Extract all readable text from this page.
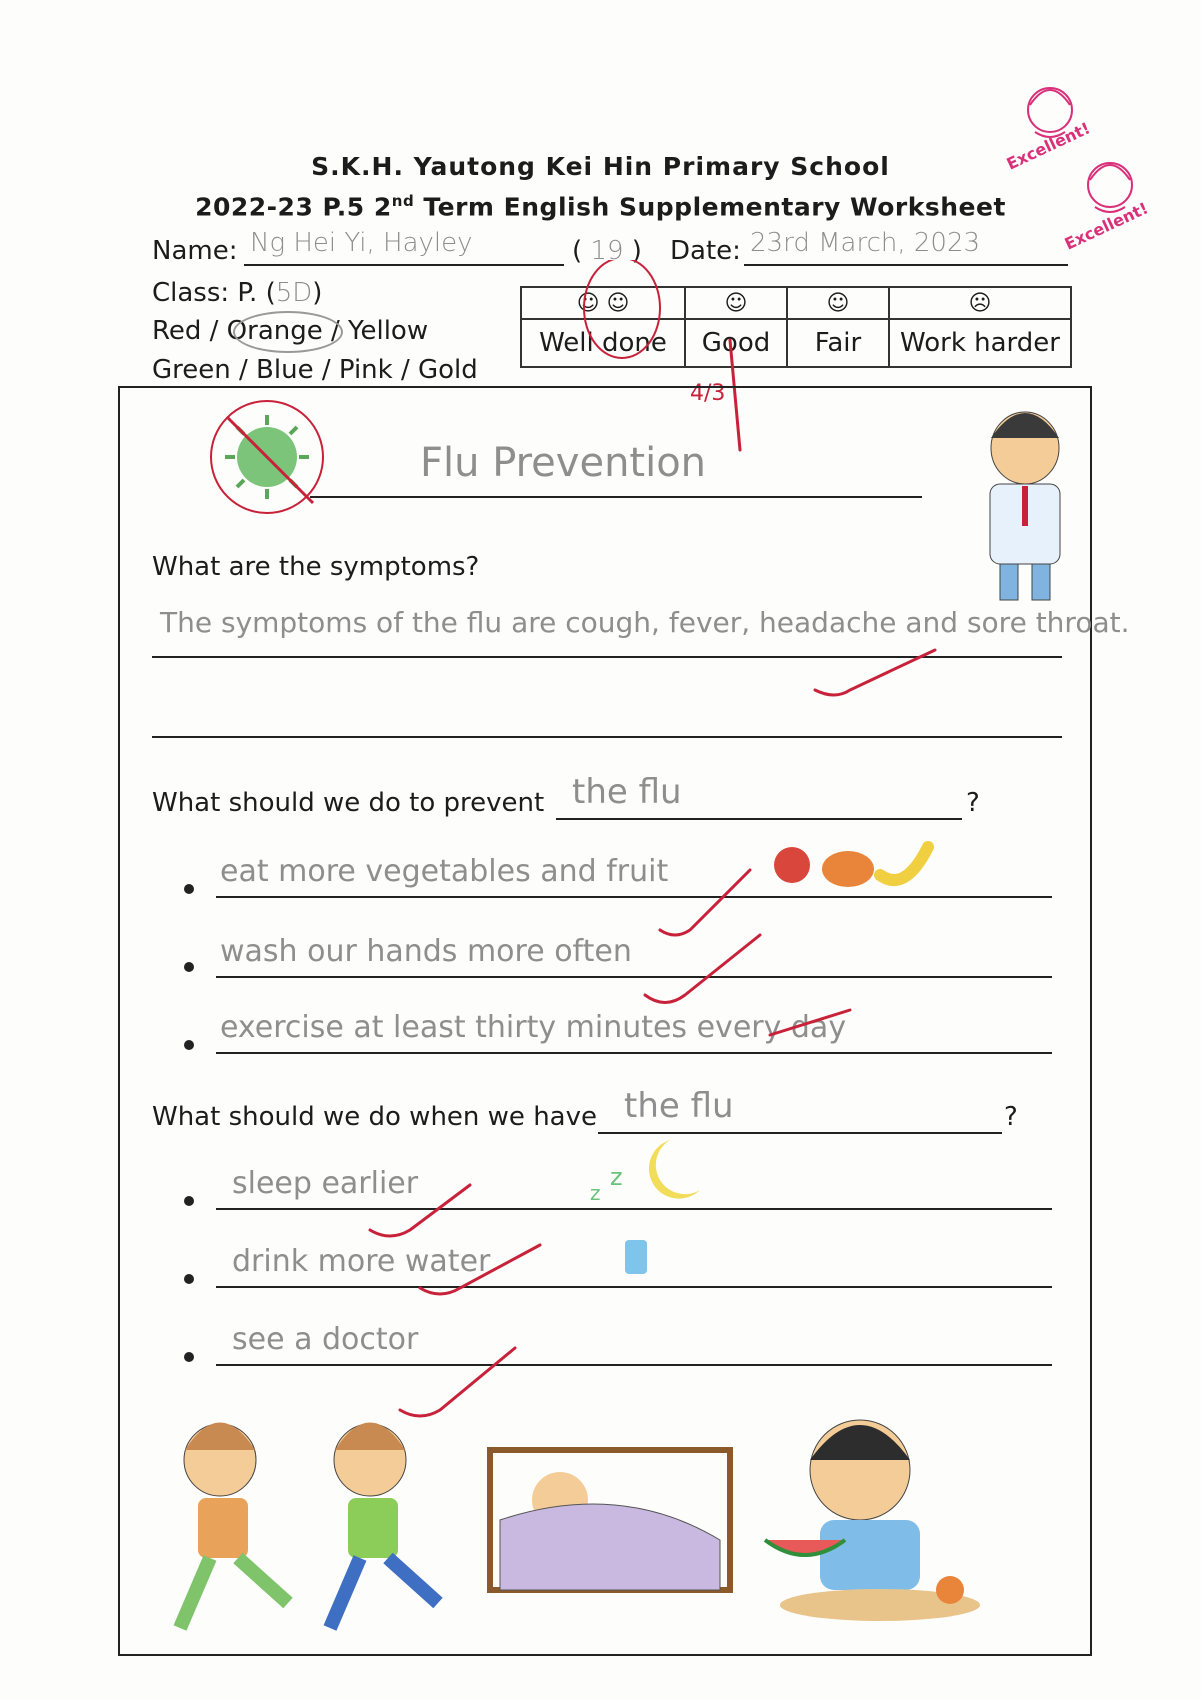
S.K.H. Yautong Kei Hin Primary School
2022-23 P.5 2nd Term English Supplementary Worksheet
Excellent!
Excellent!
Name: Ng Hei Yi, Hayley	( 19 ) Date: 23rd March, 2023
Class: P. (5D)
Red / Orange / Yellow
Green / Blue / Pink / Gold
☺ ☺	☺	☺	☹
Well done	Good	Fair	Work harder
4/3
Flu Prevention
What are the symptoms?
The symptoms of the flu are cough, fever, headache and sore throat.
What should we do to prevent the flu	?
eat more vegetables and fruit
wash our hands more often
exercise at least thirty minutes every day
What should we do when we have the flu	?
sleep earlier
drink more water
see a doctor
z
z
